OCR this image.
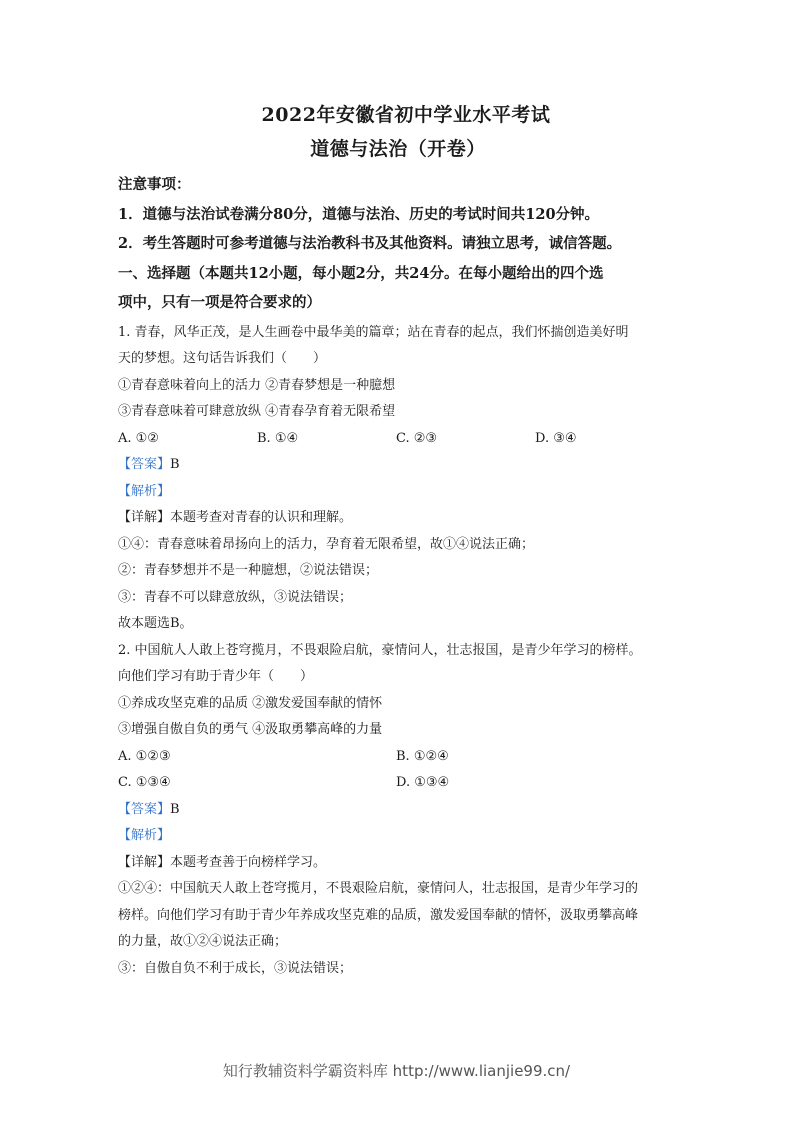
2022年安徽省初中学业水平考试
道德与法治（开卷）
注意事项：
1．道德与法治试卷满分80分，道德与法治、历史的考试时间共120分钟。
2．考生答题时可参考道德与法治教科书及其他资料。请独立思考，诚信答题。
一、选择题（本题共12小题，每小题2分，共24分。在每小题给出的四个选
项中，只有一项是符合要求的）
1. 青春，风华正茂，是人生画卷中最华美的篇章；站在青春的起点，我们怀揣创造美好明
天的梦想。这句话告诉我们（　　）
①青春意味着向上的活力 ②青春梦想是一种臆想
③青春意味着可肆意放纵 ④青春孕育着无限希望
A. ①②	B. ①④	C. ②③	D. ③④
【答案】B
【解析】
【详解】本题考查对青春的认识和理解。
①④：青春意味着昂扬向上的活力，孕育着无限希望，故①④说法正确；
②：青春梦想并不是一种臆想，②说法错误；
③：青春不可以肆意放纵，③说法错误；
故本题选B。
2. 中国航人人敢上苍穹揽月，不畏艰险启航，豪情问人，壮志报国，是青少年学习的榜样。
向他们学习有助于青少年（　　）
①养成攻坚克难的品质 ②激发爱国奉献的情怀
③增强自傲自负的勇气 ④汲取勇攀高峰的力量
A. ①②③	B. ①②④
C. ①③④	D. ①③④
【答案】B
【解析】
【详解】本题考查善于向榜样学习。
①②④：中国航天人敢上苍穹揽月，不畏艰险启航，豪情问人，壮志报国，是青少年学习的
榜样。向他们学习有助于青少年养成攻坚克难的品质，激发爱国奉献的情怀，汲取勇攀高峰
的力量，故①②④说法正确；
③：自傲自负不利于成长，③说法错误；
知行教辅资料学霸资料库 http://www.lianjie99.cn/
